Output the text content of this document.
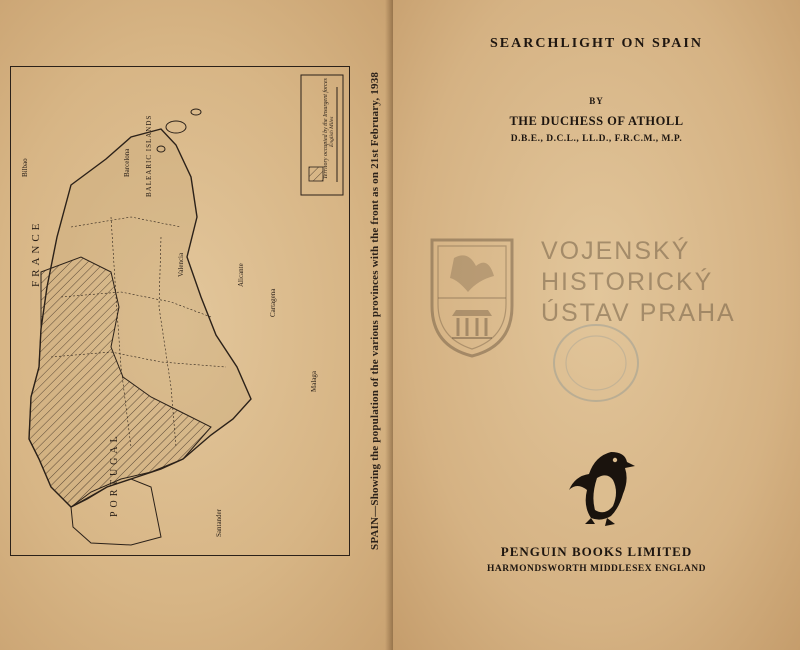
Territory occupied by the Insurgent forces English Miles
FRANCE
PORTUGAL
BALEARIC ISLANDS
Barcelona
Valencia	Alicante
Cartagena
Malaga
Santander
Bilbao	SPAIN—Showing the population of the various provinces with the front as on 21st February, 1938
SEARCHLIGHT ON SPAIN
BY
THE DUCHESS OF ATHOLL
D.B.E., D.C.L., LL.D., F.R.C.M., M.P.
VOJENSKÝ
HISTORICKÝ
ÚSTAV PRAHA
PENGUIN BOOKS LIMITED
HARMONDSWORTH MIDDLESEX ENGLAND
